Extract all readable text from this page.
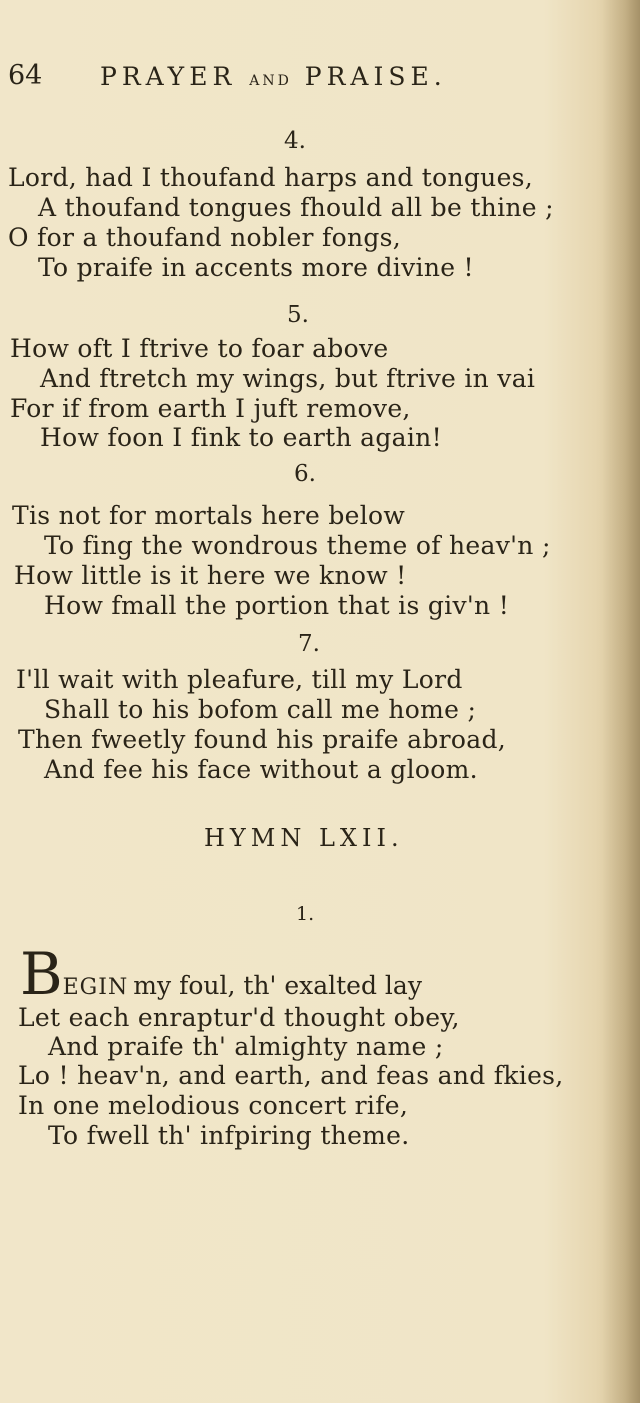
64 PRAYER AND PRAISE.
4.
Lord, had I thoufand harps and tongues,
A thoufand tongues fhould all be thine ;
O for a thoufand nobler fongs,
To praife in accents more divine !
5.
How oft I ftrive to foar above
And ftretch my wings, but ftrive in vai
For if from earth I juft remove,
How foon I fink to earth again!
6.
Tis not for mortals here below
To fing the wondrous theme of heav'n ;
How little is it here we know !
How fmall the portion that is giv'n !
7.
I'll wait with pleafure, till my Lord
Shall to his bofom call me home ;
Then fweetly found his praife abroad,
And fee his face without a gloom.
HYMN LXII.
1.
BEGIN my foul, th' exalted lay
Let each enraptur'd thought obey,
And praife th' almighty name ;
Lo ! heav'n, and earth, and feas and fkies,
In one melodious concert rife,
To fwell th' infpiring theme.
